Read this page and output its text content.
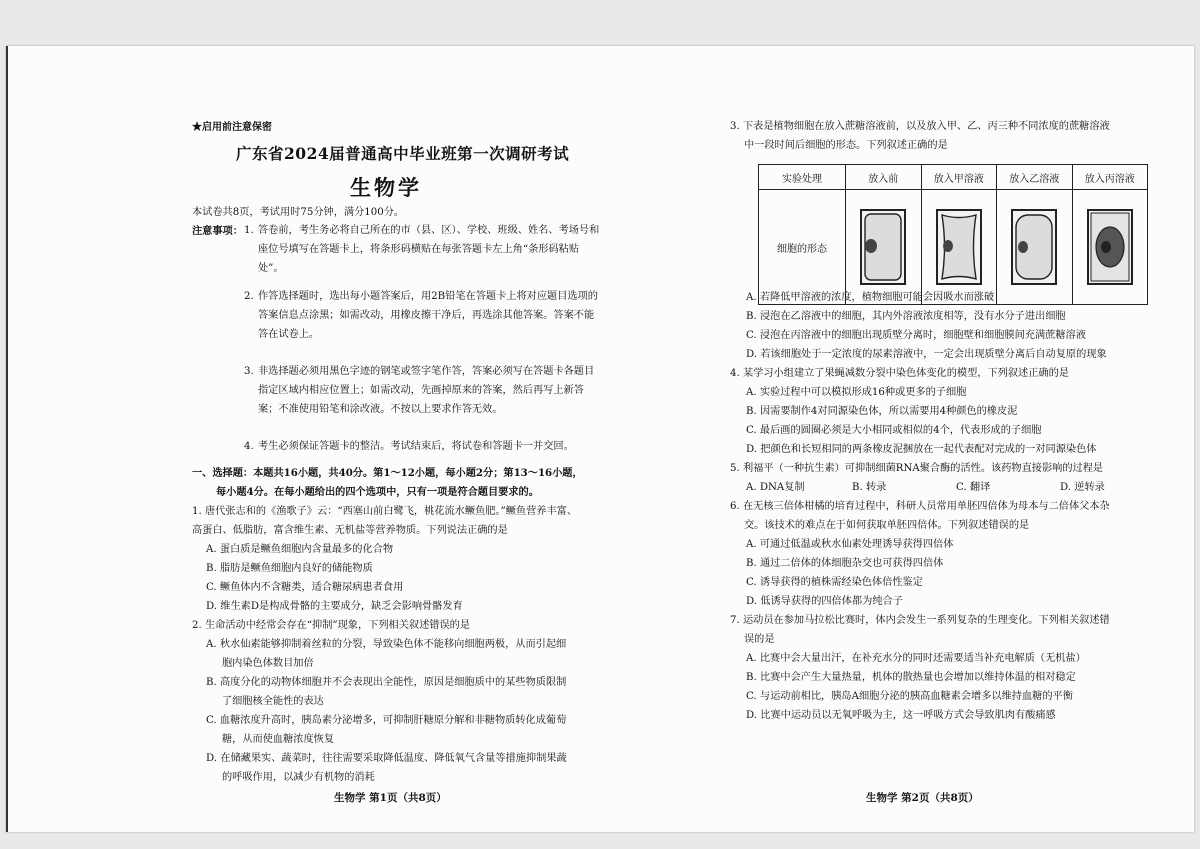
★启用前注意保密
广东省2024届普通高中毕业班第一次调研考试
生物学
本试卷共8页，考试用时75分钟，满分100分。
注意事项： 1. 答卷前，考生务必将自己所在的市（县、区）、学校、班级、姓名、考场号和座位号填写在答题卡上，将条形码横贴在每张答题卡左上角“条形码粘贴处”。
2. 作答选择题时，选出每小题答案后，用2B铅笔在答题卡上将对应题目选项的答案信息点涂黑；如需改动，用橡皮擦干净后，再选涂其他答案。答案不能答在试卷上。
3. 非选择题必须用黑色字迹的钢笔或签字笔作答，答案必须写在答题卡各题目指定区域内相应位置上；如需改动，先画掉原来的答案，然后再写上新答案；不准使用铅笔和涂改液。不按以上要求作答无效。
4. 考生必须保证答题卡的整洁。考试结束后，将试卷和答题卡一并交回。
一、选择题：本题共16小题，共40分。第1～12小题，每小题2分；第13～16小题，
每小题4分。在每小题给出的四个选项中，只有一项是符合题目要求的。
1. 唐代张志和的《渔歌子》云：“西塞山前白鹭飞，桃花流水鳜鱼肥。”鳜鱼营养丰富、
高蛋白、低脂肪，富含维生素、无机盐等营养物质。下列说法正确的是
A. 蛋白质是鳜鱼细胞内含量最多的化合物
B. 脂肪是鳜鱼细胞内良好的储能物质
C. 鳜鱼体内不含糖类，适合糖尿病患者食用
D. 维生素D是构成骨骼的主要成分，缺乏会影响骨骼发育
2. 生命活动中经常会存在“抑制”现象，下列相关叙述错误的是
A. 秋水仙素能够抑制着丝粒的分裂，导致染色体不能移向细胞两极，从而引起细
胞内染色体数目加倍
B. 高度分化的动物体细胞并不会表现出全能性，原因是细胞质中的某些物质限制
了细胞核全能性的表达
C. 血糖浓度升高时，胰岛素分泌增多，可抑制肝糖原分解和非糖物质转化成葡萄
糖，从而使血糖浓度恢复
D. 在储藏果实、蔬菜时，往往需要采取降低温度、降低氧气含量等措施抑制果蔬
的呼吸作用，以减少有机物的消耗
生物学 第1页（共8页）
3. 下表是植物细胞在放入蔗糖溶液前，以及放入甲、乙、丙三种不同浓度的蔗糖溶液
中一段时间后细胞的形态。下列叙述正确的是
实验处理	放入前	放入甲溶液	放入乙溶液	放入丙溶液
细胞的形态	

A. 若降低甲溶液的浓度，植物细胞可能会因吸水而涨破
B. 浸泡在乙溶液中的细胞，其内外溶液浓度相等，没有水分子进出细胞
C. 浸泡在丙溶液中的细胞出现质壁分离时，细胞壁和细胞膜间充满蔗糖溶液
D. 若该细胞处于一定浓度的尿素溶液中，一定会出现质壁分离后自动复原的现象
4. 某学习小组建立了果蝇减数分裂中染色体变化的模型，下列叙述正确的是
A. 实验过程中可以模拟形成16种或更多的子细胞
B. 因需要制作4对同源染色体，所以需要用4种颜色的橡皮泥
C. 最后画的圆圈必须是大小相同或相似的4个，代表形成的子细胞
D. 把颜色和长短相同的两条橡皮泥捆放在一起代表配对完成的一对同源染色体
5. 利福平（一种抗生素）可抑制细菌RNA聚合酶的活性。该药物直接影响的过程是
A. DNA复制	B. 转录	C. 翻译	D. 逆转录
6. 在无核三倍体柑橘的培育过程中，科研人员常用单胚四倍体为母本与二倍体父本杂
交。该技术的难点在于如何获取单胚四倍体。下列叙述错误的是
A. 可通过低温或秋水仙素处理诱导获得四倍体
B. 通过二倍体的体细胞杂交也可获得四倍体
C. 诱导获得的植株需经染色体倍性鉴定
D. 低诱导获得的四倍体都为纯合子
7. 运动员在参加马拉松比赛时，体内会发生一系列复杂的生理变化。下列相关叙述错
误的是
A. 比赛中会大量出汗，在补充水分的同时还需要适当补充电解质（无机盐）
B. 比赛中会产生大量热量，机体的散热量也会增加以维持体温的相对稳定
C. 与运动前相比，胰岛A细胞分泌的胰高血糖素会增多以维持血糖的平衡
D. 比赛中运动员以无氧呼吸为主，这一呼吸方式会导致肌肉有酸痛感
生物学 第2页（共8页）
